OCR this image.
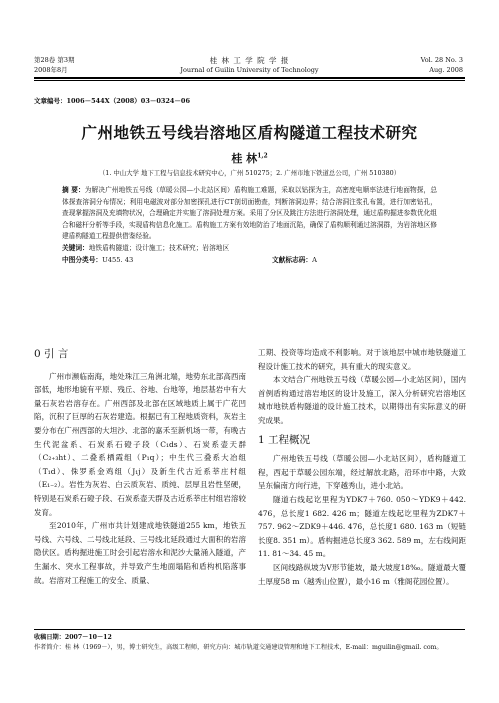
第28卷 第3期
2008年8月
桂 林 工 学 院 学 报
Journal of Guilin University of Technology
Vol. 28 No. 3
Aug. 2008
文章编号：1006－544X（2008）03－0324－06
广州地铁五号线岩溶地区盾构隧道工程技术研究
桂 林$^{1,2}$
（1. 中山大学 地下工程与信息技术研究中心，广州 510275；2. 广州市地下铁道总公司，广州 510380）
摘 要：为解决广州地铁五号线（草暖公园—小北站区间）盾构施工难题，采取以钻探为主，高密度电顺率法进行地面物探，总体探查溶洞分布情况；利用电磁波对部分加密探孔进行CT剖切面勘查，判断溶洞边界；结合溶洞注浆孔布置，进行加密钻孔，查现掌握溶洞及充填物状况，合理确定并实施了溶洞处理方案。采用了分区及跳注方法进行溶洞处理，通过盾构掘进参数优化组合和磁杆分析等手段，实现盾构信息化施工。盾构施工方案有效地防治了地面沉陷，确保了盾构顺利通过溶洞群，为岩溶地区修建盾构隧道工程提供借鉴经验。
关键词：地铁盾构隧道；设计施工；技术研究；岩溶地区
中图分类号：U455. 43	文献标志码：A
0 引 言

广州市濒临南海，地处珠江三角洲北端，地势东北部高西南部低，地形地貌有平原、残丘、谷地、台地等，地层基岩中有大量石灰岩岩溶存在。广州西部及北部在区域地质上属于广花凹陷，沉积了巨厚的石灰岩建造。根据已有工程地质资料，灰岩主要分布在广州西部的大坦沙、北部的嘉禾至新机场一带，有晚古生代泥盆系、石炭系石磴子段（C₁ds）、石炭系壶天群（C₂₊₃ht）、二叠系栖霞组（P₁q）；中生代三叠系大冶组（T₁d）、侏罗系金鸡组（J₁j）及新生代古近系莘庄村组（E₁₋₂）。岩性为灰岩、白云质灰岩、质纯、层厚且岩性坚硬，特别是石炭系石磴子段、石炭系壶天群及古近系莘庄村组岩溶较发育。

至2010年，广州市共计划建成地铁隧道255 km，地铁五号线、六号线、二号线北延段、三号线北延段通过大面积的岩溶隐伏区。盾构掘进施工时会引起岩溶水和泥沙大量涌入隧道，产生漏水、突水工程事故，并导致产生地面塌陷和盾构机陷落事故。岩溶对工程施工的安全、质量、

工期、投资等均造成不利影响。对于该地层中城市地铁隧道工程设计施工技术的研究，具有重大的现实意义。

本文结合广州地铁五号线（草暖公园—小北站区间），国内首例盾构通过溶岩地区的设计及施工，深入分析研究岩溶地区城市地铁盾构隧道的设计施工技术，以期得出有实际意义的研究成果。

1 工程概况

广州地铁五号线（草暖公园—小北站区间），盾构隧道工程，西起于草暖公园东端，经过解放北路，沿环市中路，大致呈东偏南方向行进，下穿越秀山，进小北站。

隧道右线起讫里程为YDK7＋760. 050～YDK9＋442. 476，总长度1 682. 426 m；隧道左线起讫里程为ZDK7＋757. 962～ZDK9＋446. 476，总长度1 680. 163 m（短链长度8. 351 m）。盾构掘进总长度3 362. 589 m，左右线间距11. 81～34. 45 m。

区间线路纵坡为V形节能坡，最大坡度18‰。隧道最大覆土厚度58 m（越秀山位置），最小16 m（雅阁花园位置）。

收稿日期：2007－10－12
作者简介：桂 林（1969－），男，博士研究生，高级工程师，研究方向：城市轨道交通建设管理和地下工程技术，E-mail：mguilin@gmail. com。
